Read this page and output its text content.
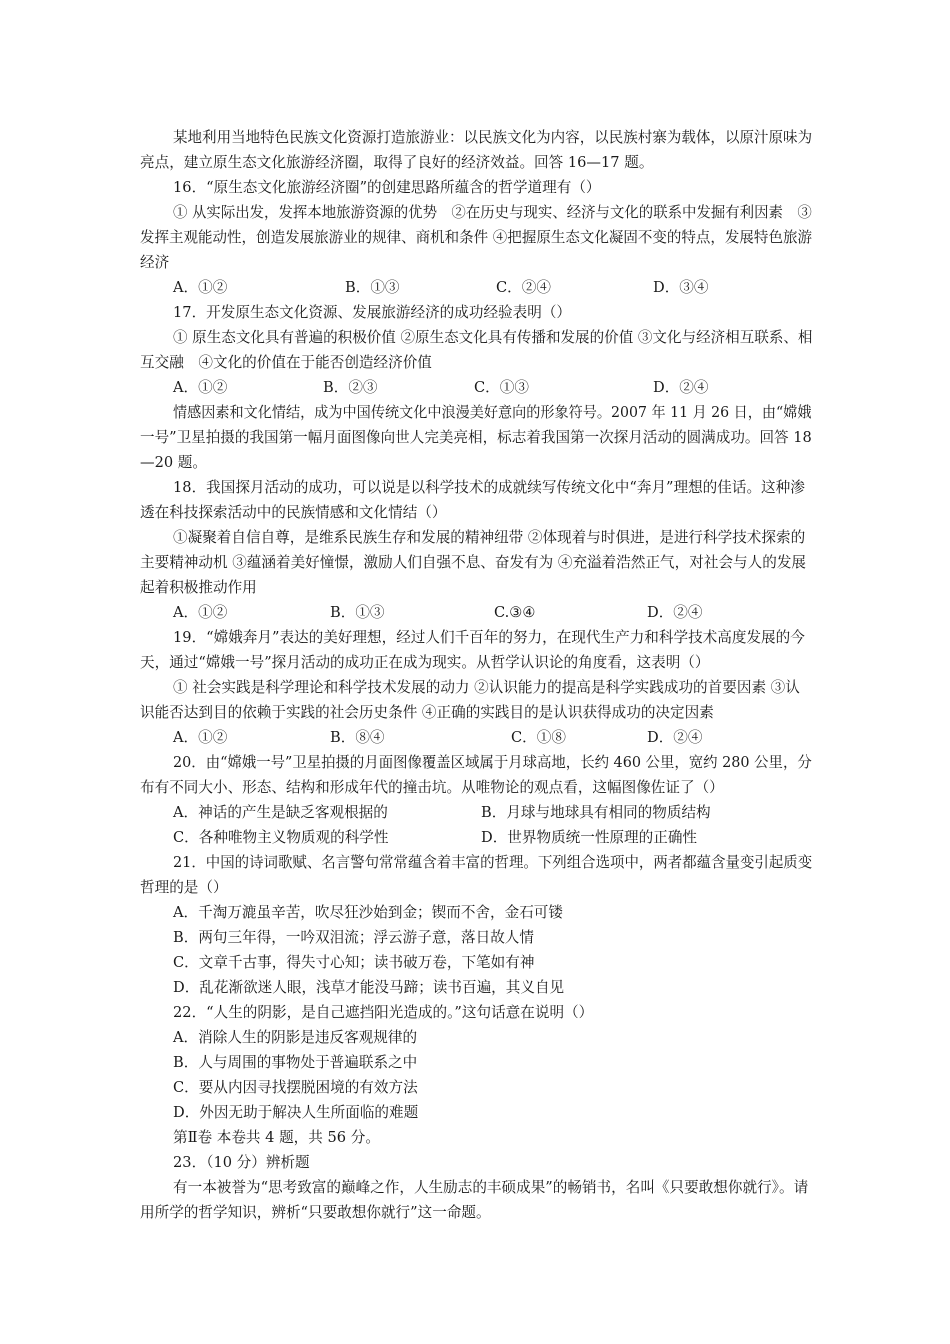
某地利用当地特色民族文化资源打造旅游业：以民族文化为内容，以民族村寨为载体，以原汁原味为
亮点，建立原生态文化旅游经济圈，取得了良好的经济效益。回答 16—17 题。
16．“原生态文化旅游经济圈”的创建思路所蕴含的哲学道理有（）
① 从实际出发，发挥本地旅游资源的优势　②在历史与现实、经济与文化的联系中发掘有利因素　③
发挥主观能动性，创造发展旅游业的规律、商机和条件 ④把握原生态文化凝固不变的特点，发展特色旅游
经济
A．①②	B．①③	C．②④	D．③④
17．开发原生态文化资源、发展旅游经济的成功经验表明（）
① 原生态文化具有普遍的积极价值 ②原生态文化具有传播和发展的价值 ③文化与经济相互联系、相
互交融　④文化的价值在于能否创造经济价值
A．①②	B．②③	C．①③	D．②④
情感因素和文化情结，成为中国传统文化中浪漫美好意向的形象符号。2007 年 11 月 26 日，由“嫦娥
一号”卫星拍摄的我国第一幅月面图像向世人完美亮相，标志着我国第一次探月活动的圆满成功。回答 18
—20 题。
18．我国探月活动的成功，可以说是以科学技术的成就续写传统文化中“奔月”理想的佳话。这种渗
透在科技探索活动中的民族情感和文化情结（）
①凝聚着自信自尊，是维系民族生存和发展的精神纽带 ②体现着与时俱进，是进行科学技术探索的
主要精神动机 ③蕴涵着美好憧憬，激励人们自强不息、奋发有为 ④充溢着浩然正气，对社会与人的发展
起着积极推动作用
A．①②	B．①③	C.③④	D．②④
19．“嫦娥奔月”表达的美好理想，经过人们千百年的努力，在现代生产力和科学技术高度发展的今
天，通过“嫦娥一号”探月活动的成功正在成为现实。从哲学认识论的角度看，这表明（）
① 社会实践是科学理论和科学技术发展的动力 ②认识能力的提高是科学实践成功的首要因素 ③认
识能否达到目的依赖于实践的社会历史条件 ④正确的实践目的是认识获得成功的决定因素
A．①②	B．⑧④	C．①⑧	D．②④
20．由“嫦娥一号”卫星拍摄的月面图像覆盖区域属于月球高地，长约 460 公里，宽约 280 公里，分
布有不同大小、形态、结构和形成年代的撞击坑。从唯物论的观点看，这幅图像佐证了（）
A．神话的产生是缺乏客观根据的	B．月球与地球具有相同的物质结构
C．各种唯物主义物质观的科学性	D．世界物质统一性原理的正确性
21．中国的诗词歌赋、名言警句常常蕴含着丰富的哲理。下列组合选项中，两者都蕴含量变引起质变
哲理的是（）
A．千淘万漉虽辛苦，吹尽狂沙始到金；锲而不舍，金石可镂
B．两句三年得，一吟双泪流；浮云游子意，落日故人情
C．文章千古事，得失寸心知；读书破万卷，下笔如有神
D．乱花渐欲迷人眼，浅草才能没马蹄；读书百遍，其义自见
22．“人生的阴影，是自己遮挡阳光造成的。”这句话意在说明（）
A．消除人生的阴影是违反客观规律的
B．人与周围的事物处于普遍联系之中
C．要从内因寻找摆脱困境的有效方法
D．外因无助于解决人生所面临的难题
第Ⅱ卷 本卷共 4 题，共 56 分。
23．（10 分）辨析题
有一本被誉为“思考致富的巅峰之作，人生励志的丰硕成果”的畅销书，名叫《只要敢想你就行》。请
用所学的哲学知识，辨析“只要敢想你就行”这一命题。
